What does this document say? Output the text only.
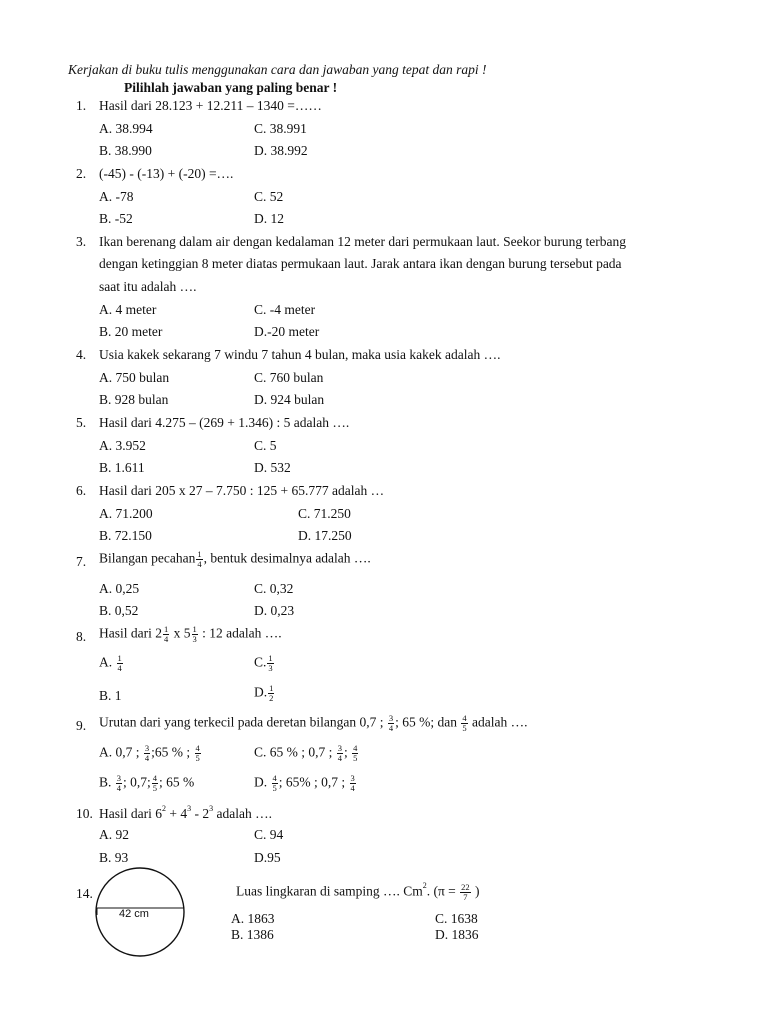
Kerjakan di buku tulis menggunakan cara dan jawaban yang tepat dan rapi !
Pilihlah jawaban yang paling benar !
1. Hasil dari 28.123 + 12.211 – 1340 =……
A. 38.994	C. 38.991
B. 38.990	D. 38.992
2. (-45) - (-13) + (-20) =….
A. -78	C. 52
B. -52	D. 12
3. Ikan berenang dalam air dengan kedalaman 12 meter dari permukaan laut. Seekor burung terbang
dengan ketinggian 8 meter diatas permukaan laut. Jarak antara ikan dengan burung tersebut pada
saat itu adalah ….
A. 4 meter	C. -4 meter
B. 20 meter	D.-20 meter
4. Usia kakek sekarang 7 windu 7 tahun 4 bulan, maka usia kakek adalah ….
A. 750 bulan	C. 760 bulan
B. 928 bulan	D. 924 bulan
5. Hasil dari 4.275 – (269 + 1.346) : 5 adalah ….
A. 3.952	C. 5
B. 1.611	D. 532
6. Hasil dari 205 x 27 – 7.750 : 125 + 65.777 adalah …
A. 71.200	C. 71.250
B. 72.150	D. 17.250
7. Bilangan pecahan $\frac{1}{4}$ , bentuk desimalnya adalah ….
A. 0,25	C. 0,32
B. 0,52	D. 0,23
8. Hasil dari $2 \frac{1}{4}$ x $5 \frac{1}{3}$ : 12 adalah ….
A. $\frac{1}{4}$	C. $\frac{1}{3}$
B. 1	D. $\frac{1}{2}$
9. Urutan dari yang terkecil pada deretan bilangan 0,7 ; $\frac{3}{4}$ ; 65 %; dan $\frac{4}{5}$ adalah ….
A. 0,7 ; $\frac{3}{4}$ ;65 % ; $\frac{4}{5}$	C. 65 % ; 0,7 ; $\frac{3}{4}$ ; $\frac{4}{5}$
B. $\frac{3}{4}$ ; 0,7; $\frac{4}{5}$ ; 65 %	D. $\frac{4}{5}$ ; 65% ; 0,7 ; $\frac{3}{4}$
10. Hasil dari $6^2 + 4^3 - 2^3$ adalah ….
A. 92	C. 94
B. 93	D.95
14.
42 cm
Luas lingkaran di samping …. Cm$^2$. ($\pi = \frac{22}{7}$ )
A. 1863	C. 1638
B. 1386	D. 1836
